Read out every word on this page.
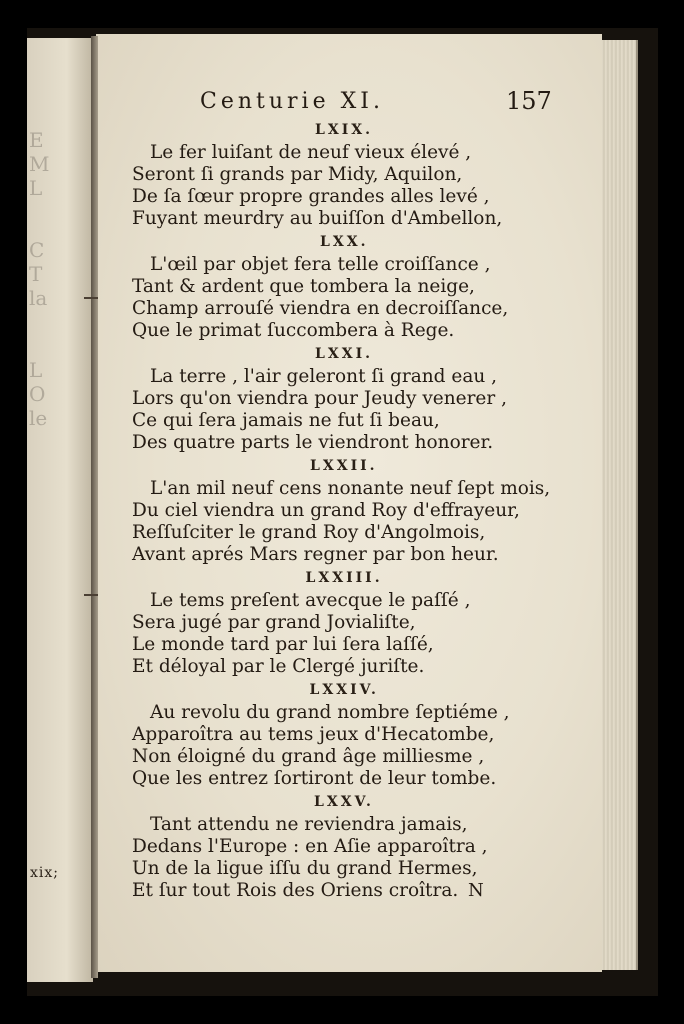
E
M
L
C
T
la
L
O
le
xix;
Centurie XI.	157
N
LXIX.
Le fer luiſant de neuf vieux élevé ,
Seront ſi grands par Midy, Aquilon,
De ſa ſœur propre grandes alles levé ,
Fuyant meurdry au buiſſon d'Ambellon,
LXX.
L'œil par objet fera telle croiſſance ,
Tant & ardent que tombera la neige,
Champ arrouſé viendra en decroiſſance,
Que le primat ſuccombera à Rege.
LXXI.
La terre , l'air geleront ſi grand eau ,
Lors qu'on viendra pour Jeudy venerer ,
Ce qui ſera jamais ne fut ſi beau,
Des quatre parts le viendront honorer.
LXXII.
L'an mil neuf cens nonante neuf ſept mois,
Du ciel viendra un grand Roy d'effrayeur,
Reſſuſciter le grand Roy d'Angolmois,
Avant aprés Mars regner par bon heur.
LXXIII.
Le tems preſent avecque le paſſé ,
Sera jugé par grand Jovialiſte,
Le monde tard par lui ſera laſſé,
Et déloyal par le Clergé juriſte.
LXXIV.
Au revolu du grand nombre ſeptiéme ,
Apparoîtra au tems jeux d'Hecatombe,
Non éloigné du grand âge milliesme ,
Que les entrez ſortiront de leur tombe.
LXXV.
Tant attendu ne reviendra jamais,
Dedans l'Europe : en Aſie apparoîtra ,
Un de la ligue iſſu du grand Hermes,
Et ſur tout Rois des Oriens croîtra.
